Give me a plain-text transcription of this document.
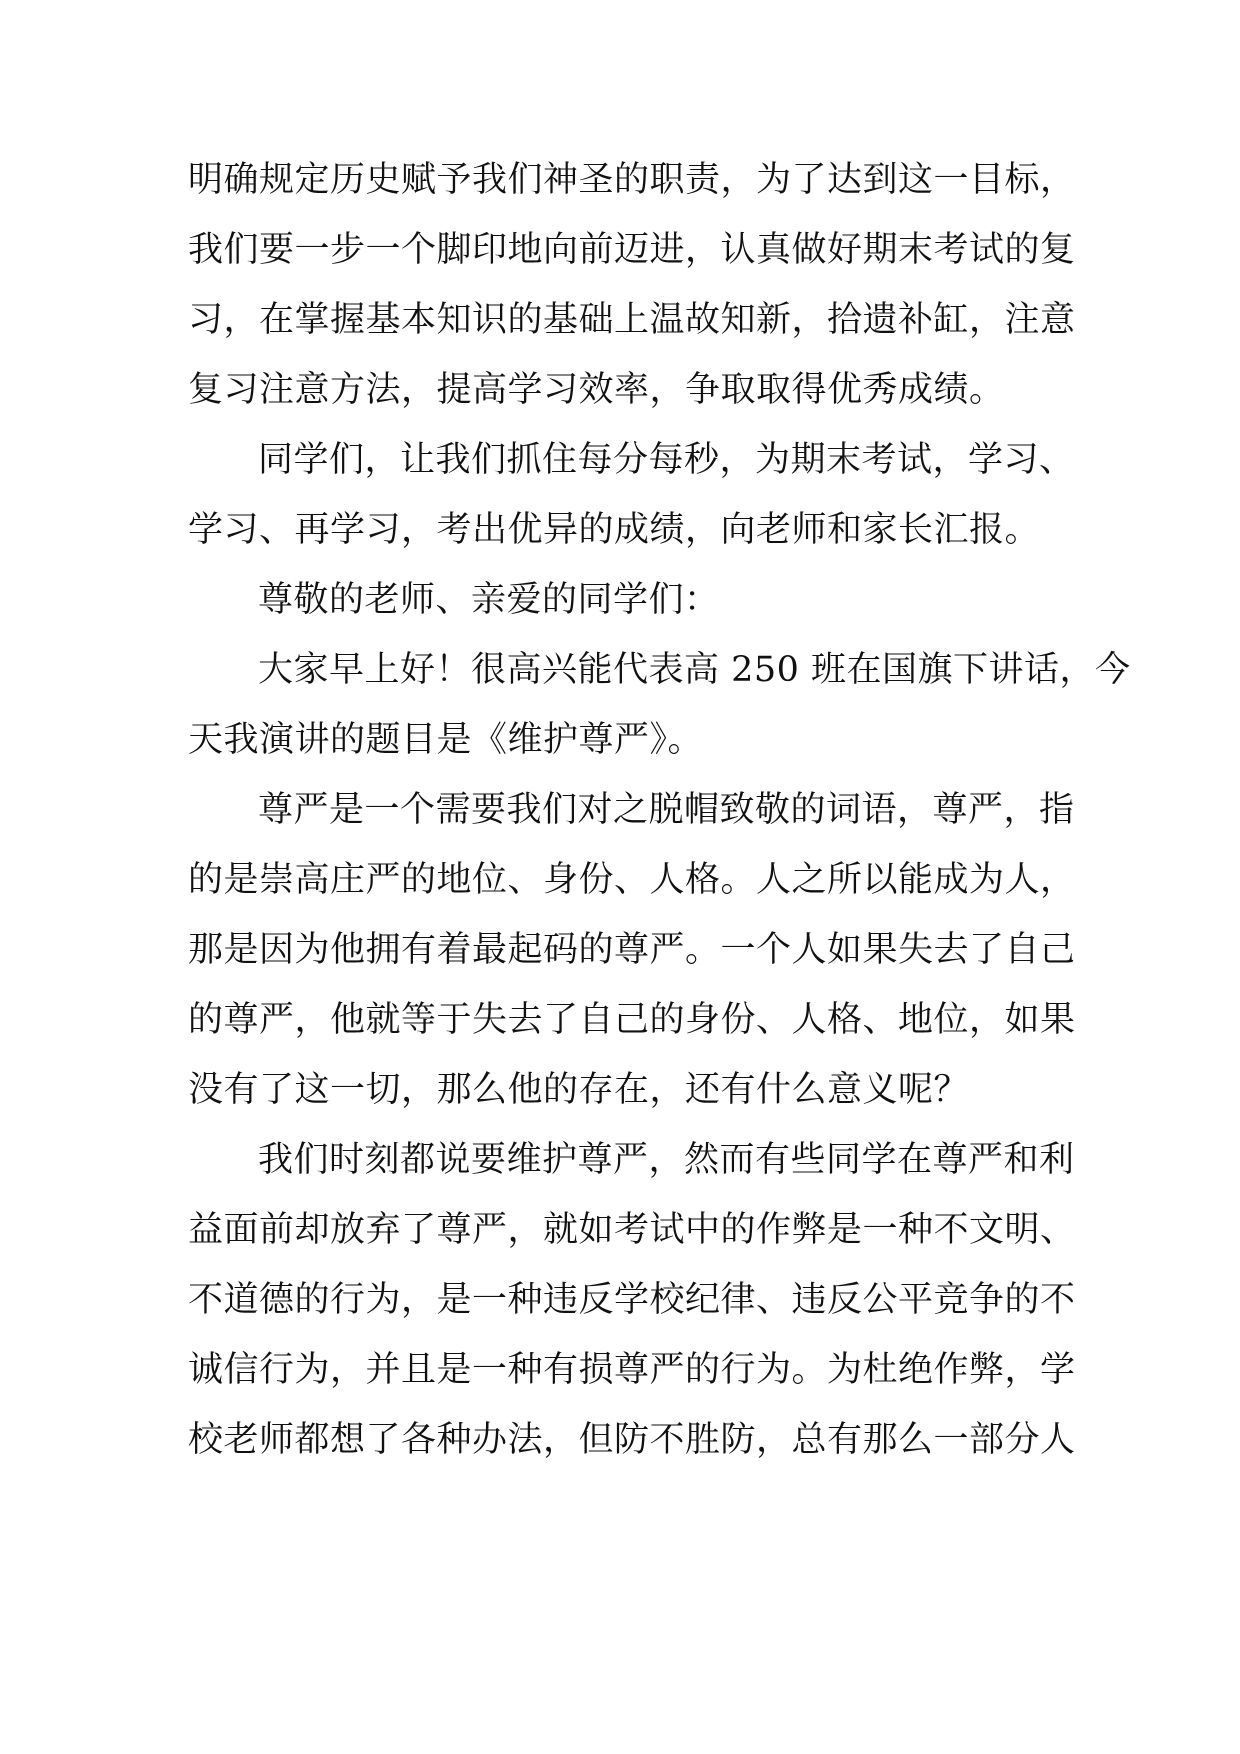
明确规定历史赋予我们神圣的职责，为了达到这一目标，
我们要一步一个脚印地向前迈进，认真做好期末考试的复
习，在掌握基本知识的基础上温故知新，拾遗补缸，注意
复习注意方法，提高学习效率，争取取得优秀成绩。
同学们，让我们抓住每分每秒，为期末考试，学习、
学习、再学习，考出优异的成绩，向老师和家长汇报。
尊敬的老师、亲爱的同学们：
大家早上好！很高兴能代表高 250 班在国旗下讲话，今
天我演讲的题目是《维护尊严》。
尊严是一个需要我们对之脱帽致敬的词语，尊严，指
的是崇高庄严的地位、身份、人格。人之所以能成为人，
那是因为他拥有着最起码的尊严。一个人如果失去了自己
的尊严，他就等于失去了自己的身份、人格、地位，如果
没有了这一切，那么他的存在，还有什么意义呢？
我们时刻都说要维护尊严，然而有些同学在尊严和利
益面前却放弃了尊严，就如考试中的作弊是一种不文明、
不道德的行为，是一种违反学校纪律、违反公平竞争的不
诚信行为，并且是一种有损尊严的行为。为杜绝作弊，学
校老师都想了各种办法，但防不胜防，总有那么一部分人
